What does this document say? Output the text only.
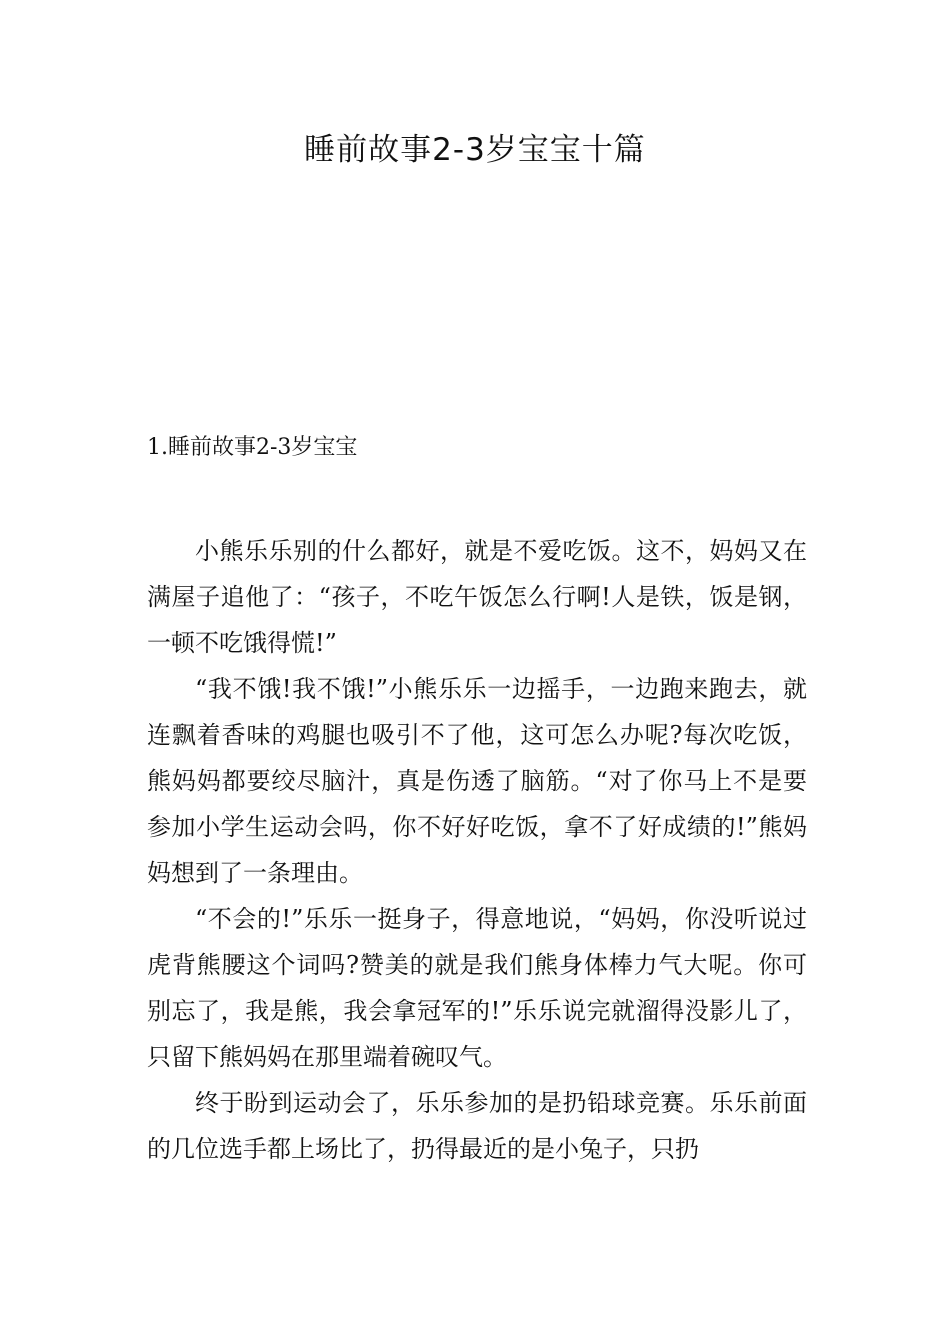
睡前故事2-3岁宝宝十篇
1.睡前故事2-3岁宝宝

小熊乐乐别的什么都好，就是不爱吃饭。这不，妈妈又在满屋子追他了：“孩子，不吃午饭怎么行啊!人是铁，饭是钢，一顿不吃饿得慌!”

“我不饿!我不饿!”小熊乐乐一边摇手，一边跑来跑去，就连飘着香味的鸡腿也吸引不了他，这可怎么办呢?每次吃饭，熊妈妈都要绞尽脑汁，真是伤透了脑筋。“对了你马上不是要参加小学生运动会吗，你不好好吃饭，拿不了好成绩的!”熊妈妈想到了一条理由。

“不会的!”乐乐一挺身子，得意地说，“妈妈，你没听说过虎背熊腰这个词吗?赞美的就是我们熊身体棒力气大呢。你可别忘了，我是熊，我会拿冠军的!”乐乐说完就溜得没影儿了，只留下熊妈妈在那里端着碗叹气。

终于盼到运动会了，乐乐参加的是扔铅球竞赛。乐乐前面的几位选手都上场比了，扔得最近的是小兔子，只扔
